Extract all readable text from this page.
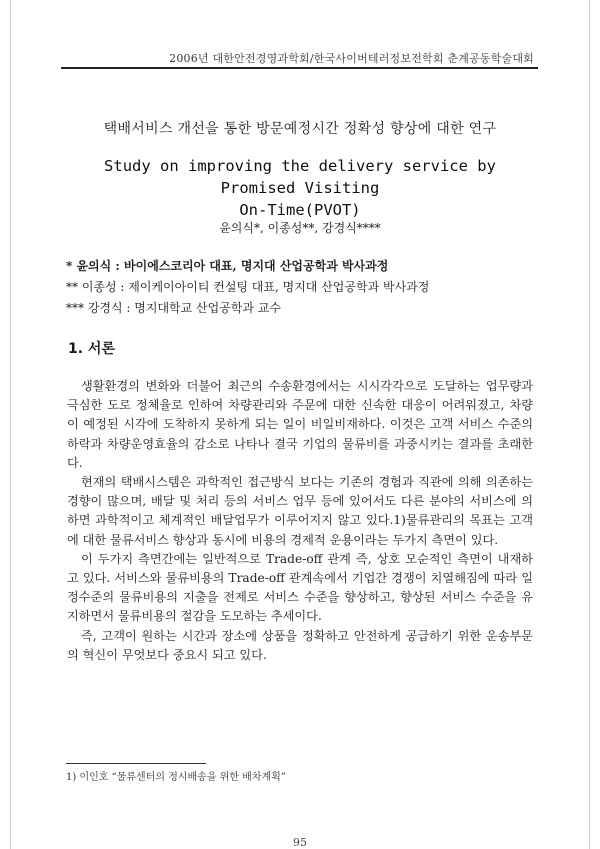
2006년 대한안전경영과학회/한국사이버테러정보전학회 춘계공동학술대회
택배서비스 개선을 통한 방문예정시간 정확성 향상에 대한 연구
Study on improving the delivery service by Promised Visiting
On-Time(PVOT)
윤의식*, 이종성**, 강경식****
* 윤의식 : 바이에스코리아 대표, 명지대 산업공학과 박사과정
** 이종성 : 제이케이아이티 컨설팅 대표, 명지대 산업공학과 박사과정
*** 강경식 : 명지대학교 산업공학과 교수
1. 서론

생활환경의 변화와 더불어 최근의 수송환경에서는 시시각각으로 도달하는 업무량과 극심한 도로 정체율로 인하여 차량관리와 주문에 대한 신속한 대응이 어려워졌고, 차량이 예정된 시각에 도착하지 못하게 되는 일이 비일비재하다. 이것은 고객 서비스 수준의 하락과 차량운영효율의 감소로 나타나 결국 기업의 물류비를 과중시키는 결과를 초래한다.

현재의 택배시스템은 과학적인 접근방식 보다는 기존의 경험과 직관에 의해 의존하는 경향이 많으며, 배달 및 처리 등의 서비스 업무 등에 있어서도 다른 분야의 서비스에 의하면 과학적이고 체계적인 배달업무가 이루어지지 않고 있다.1)물류관리의 목표는 고객에 대한 물류서비스 향상과 동시에 비용의 경제적 운용이라는 두가지 측면이 있다.

이 두가지 측면간에는 일반적으로 Trade-off 관계 즉, 상호 모순적인 측면이 내재하고 있다. 서비스와 물류비용의 Trade-off 관계속에서 기업간 경쟁이 치열해짐에 따라 일정수준의 물류비용의 지출을 전제로 서비스 수준을 향상하고, 향상된 서비스 수준을 유지하면서 물류비용의 절감을 도모하는 추세이다.

즉, 고객이 원하는 시간과 장소에 상품을 정확하고 안전하게 공급하기 위한 운송부문의 혁신이 무엇보다 중요시 되고 있다.

1) 이인호 “물류센터의 정시배송을 위한 배차계획”
95
